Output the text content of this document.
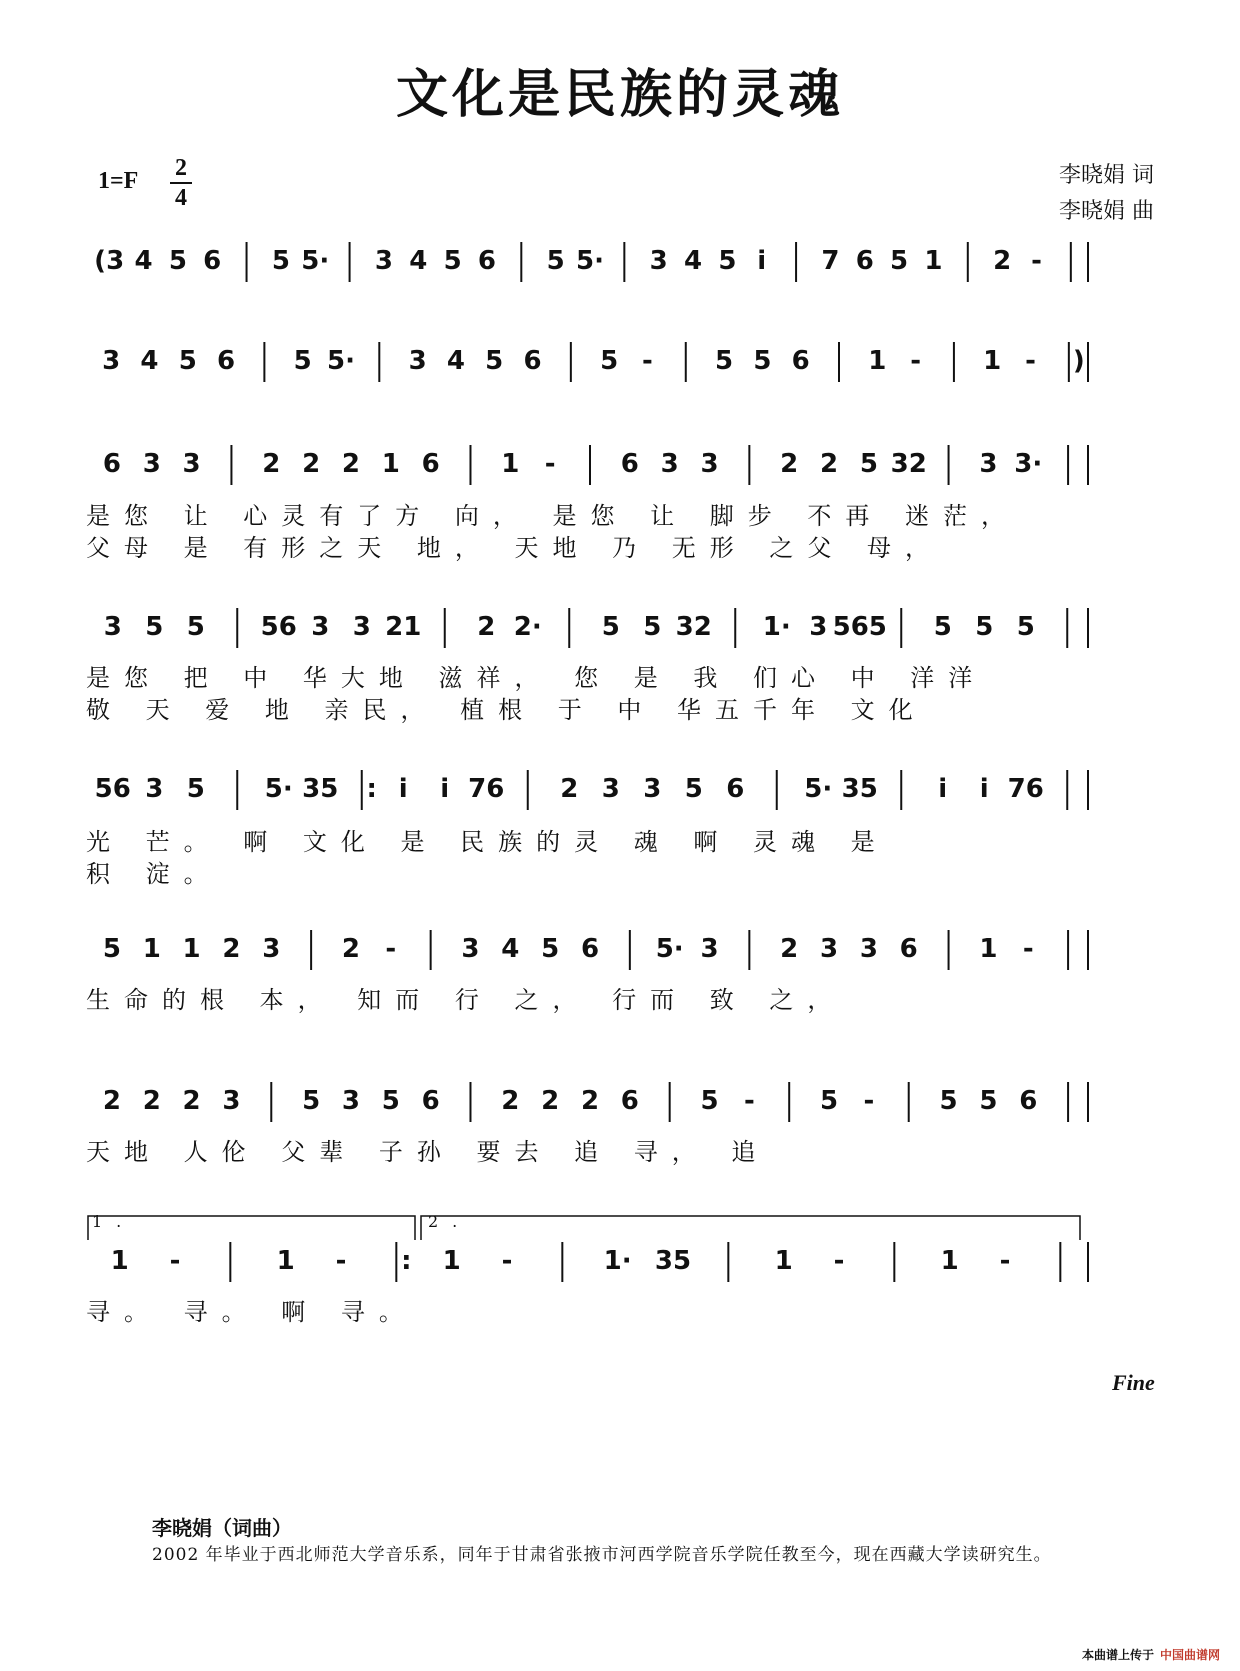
文化是民族的灵魂
1=F 2
4
李晓娟 词
李晓娟 曲
(3 4 5 6 5 5· 3 4 5 6 5 5· 3 4 5 i 7 6 5 1 2 -
3 4 5 6 5 5· 3 4 5 6 5 - 5 5 6 1 - 1 - )
6 3 3 2 2 2 1 6 1 -	6 3 3 2 2 5 32 3 3·
是您 让 心灵有了方 向， 是您 让 脚步 不再 迷茫，
父母 是 有形之天 地， 天地 乃 无形 之父 母，
3 5 5 56 3 3 21 2 2· 5 5 32 1· 3 565 5 5 5
是您 把 中 华大地 滋祥， 您 是 我 们心 中 洋洋
敬 天 爱 地 亲民， 植根 于 中 华五千年 文化
56 3 5 5· 35 : i i 76 2 3 3 5 6 5· 35 i i 76
光 芒。 啊 文化 是 民族的灵 魂 啊 灵魂 是
积 淀。
5 1 1 2 3 2 -	3 4 5 6 5· 3 2 3 3 6 1 -
生命的根 本， 知而 行 之， 行而 致 之，
2 2 2 3 5 3 5 6 2 2 2 6 5 -	5 -	5 5 6
天地 人伦 父辈 子孙 要去 追 寻， 追
1 -	1 - : 1 -	1· 35	1 -	1 -
寻。 寻。 啊 寻。
1.	2.
Fine
李晓娟（词曲）
2002 年毕业于西北师范大学音乐系，同年于甘肃省张掖市河西学院音乐学院任教至今，现在西藏大学读研究生。
本曲谱上传于 中国曲谱网
